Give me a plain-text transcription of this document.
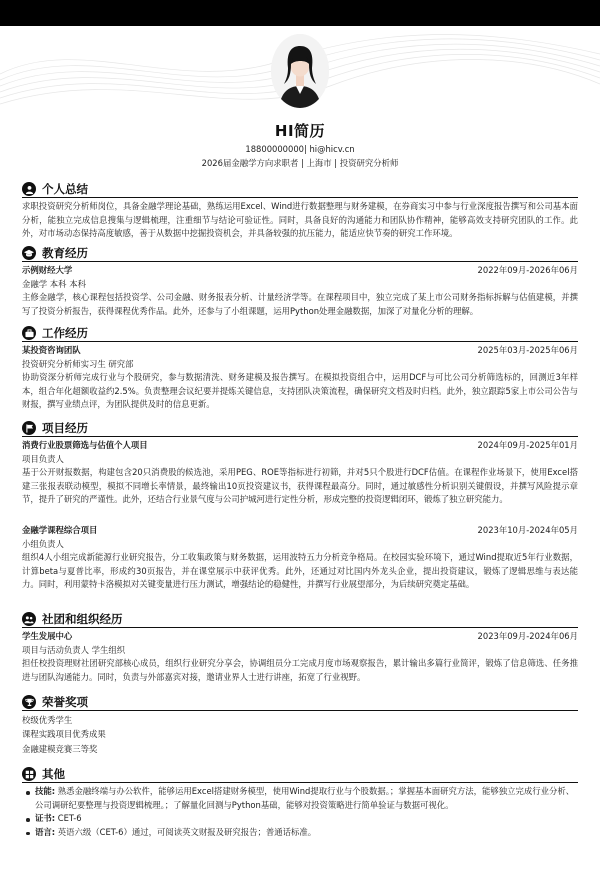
HI简历
18800000000| hi@hicv.cn
2026届金融学方向求职者 | 上海市 | 投资研究分析师
个人总结
求职投资研究分析师岗位，具备金融学理论基础，熟练运用Excel、Wind进行数据整理与财务建模，在券商实习中参与行业深度报告撰写和公司基本面分析，能独立完成信息搜集与逻辑梳理，注重细节与结论可验证性。同时，具备良好的沟通能力和团队协作精神，能够高效支持研究团队的工作。此外，对市场动态保持高度敏感，善于从数据中挖掘投资机会，并具备较强的抗压能力，能适应快节奏的研究工作环境。
教育经历
示例财经大学	2022年09月-2026年06月
金融学 本科 本科
主修金融学，核心课程包括投资学、公司金融、财务报表分析、计量经济学等。在课程项目中，独立完成了某上市公司财务指标拆解与估值建模，并撰写了投资分析报告，获得课程优秀作品。此外，还参与了小组课题，运用Python处理金融数据，加深了对量化分析的理解。
工作经历
某投资咨询团队	2025年03月-2025年06月
投资研究分析师实习生 研究部
协助资深分析师完成行业与个股研究，参与数据清洗、财务建模及报告撰写。在模拟投资组合中，运用DCF与可比公司分析筛选标的，回测近3年样本，组合年化超额收益约2.5%。负责整理会议纪要并提炼关键信息，支持团队决策流程，确保研究文档及时归档。此外，独立跟踪5家上市公司公告与财报，撰写业绩点评，为团队提供及时的信息更新。
项目经历
消费行业股票筛选与估值个人项目	2024年09月-2025年01月
项目负责人
基于公开财报数据，构建包含20只消费股的候选池，采用PEG、ROE等指标进行初筛，并对5只个股进行DCF估值。在课程作业场景下，使用Excel搭建三张报表联动模型，模拟不同增长率情景，最终输出10页投资建议书，获得课程最高分。同时，通过敏感性分析识别关键假设，并撰写风险提示章节，提升了研究的严谨性。此外，还结合行业景气度与公司护城河进行定性分析，形成完整的投资逻辑闭环，锻炼了独立研究能力。
金融学课程综合项目	2023年10月-2024年05月
小组负责人
组织4人小组完成新能源行业研究报告，分工收集政策与财务数据，运用波特五力分析竞争格局。在校园实验环境下，通过Wind提取近5年行业数据，计算beta与夏普比率，形成约30页报告，并在课堂展示中获评优秀。此外，还通过对比国内外龙头企业，提出投资建议，锻炼了逻辑思维与表达能力。同时，利用蒙特卡洛模拟对关键变量进行压力测试，增强结论的稳健性，并撰写行业展望部分，为后续研究奠定基础。
社团和组织经历
学生发展中心	2023年09月-2024年06月
项目与活动负责人 学生组织
担任校投资理财社团研究部核心成员，组织行业研究分享会，协调组员分工完成月度市场观察报告，累计输出多篇行业简评，锻炼了信息筛选、任务推进与团队沟通能力。同时，负责与外部嘉宾对接，邀请业界人士进行讲座，拓宽了行业视野。
荣誉奖项
校级优秀学生
课程实践项目优秀成果
金融建模竞赛三等奖
其他
技能: 熟悉金融终端与办公软件，能够运用Excel搭建财务模型，使用Wind提取行业与个股数据。；掌握基本面研究方法，能够独立完成行业分析、公司调研纪要整理与投资逻辑梳理。；了解量化回测与Python基础，能够对投资策略进行简单验证与数据可视化。
证书: CET-6
语言: 英语六级（CET-6）通过，可阅读英文财报及研究报告；普通话标准。
